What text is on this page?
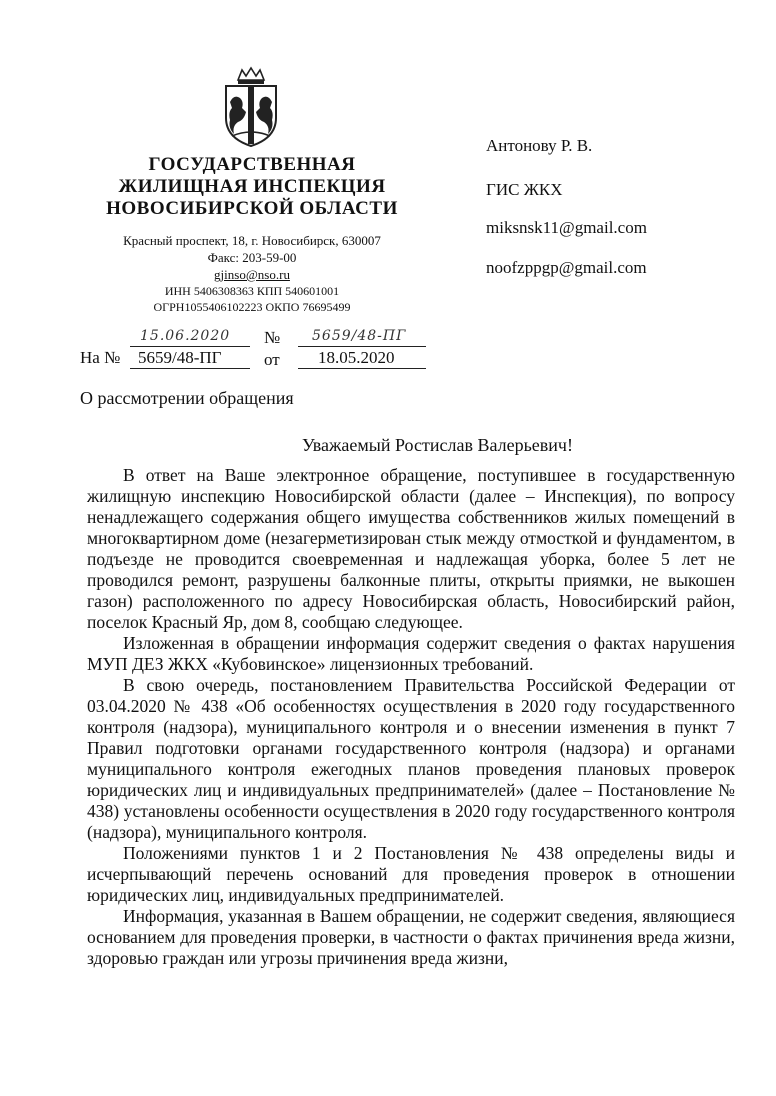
ГОСУДАРСТВЕННАЯ
ЖИЛИЩНАЯ ИНСПЕКЦИЯ
НОВОСИБИРСКОЙ ОБЛАСТИ
Красный проспект, 18, г. Новосибирск, 630007
Факс: 203-59-00
gjinso@nso.ru
ИНН 5406308363 КПП 540601001
ОГРН1055406102223 ОКПО 76695499
Антонову Р. В.
ГИС ЖКХ
miksnsk11@gmail.com
noofzppgp@gmail.com
15.06.2020 № 5659/48-ПГ
На № 5659/48-ПГ	от 18.05.2020
О рассмотрении обращения
Уважаемый Ростислав Валерьевич!

В ответ на Ваше электронное обращение, поступившее в государственную жилищную инспекцию Новосибирской области (далее – Инспекция), по вопросу ненадлежащего содержания общего имущества собственников жилых помещений в многоквартирном доме (незагерметизирован стык между отмосткой и фундаментом, в подъезде не проводится своевременная и надлежащая уборка, более 5 лет не проводился ремонт, разрушены балконные плиты, открыты приямки, не выкошен газон) расположенного по адресу Новосибирская область, Новосибирский район, поселок Красный Яр, дом 8, сообщаю следующее.

Изложенная в обращении информация содержит сведения о фактах нарушения МУП ДЕЗ ЖКХ «Кубовинское» лицензионных требований.

В свою очередь, постановлением Правительства Российской Федерации от 03.04.2020 № 438 «Об особенностях осуществления в 2020 году государственного контроля (надзора), муниципального контроля и о внесении изменения в пункт 7 Правил подготовки органами государственного контроля (надзора) и органами муниципального контроля ежегодных планов проведения плановых проверок юридических лиц и индивидуальных предпринимателей» (далее – Постановление № 438) установлены особенности осуществления в 2020 году государственного контроля (надзора), муниципального контроля.

Положениями пунктов 1 и 2 Постановления № 438 определены виды и исчерпывающий перечень оснований для проведения проверок в отношении юридических лиц, индивидуальных предпринимателей.

Информация, указанная в Вашем обращении, не содержит сведения, являющиеся основанием для проведения проверки, в частности о фактах причинения вреда жизни, здоровью граждан или угрозы причинения вреда жизни,
